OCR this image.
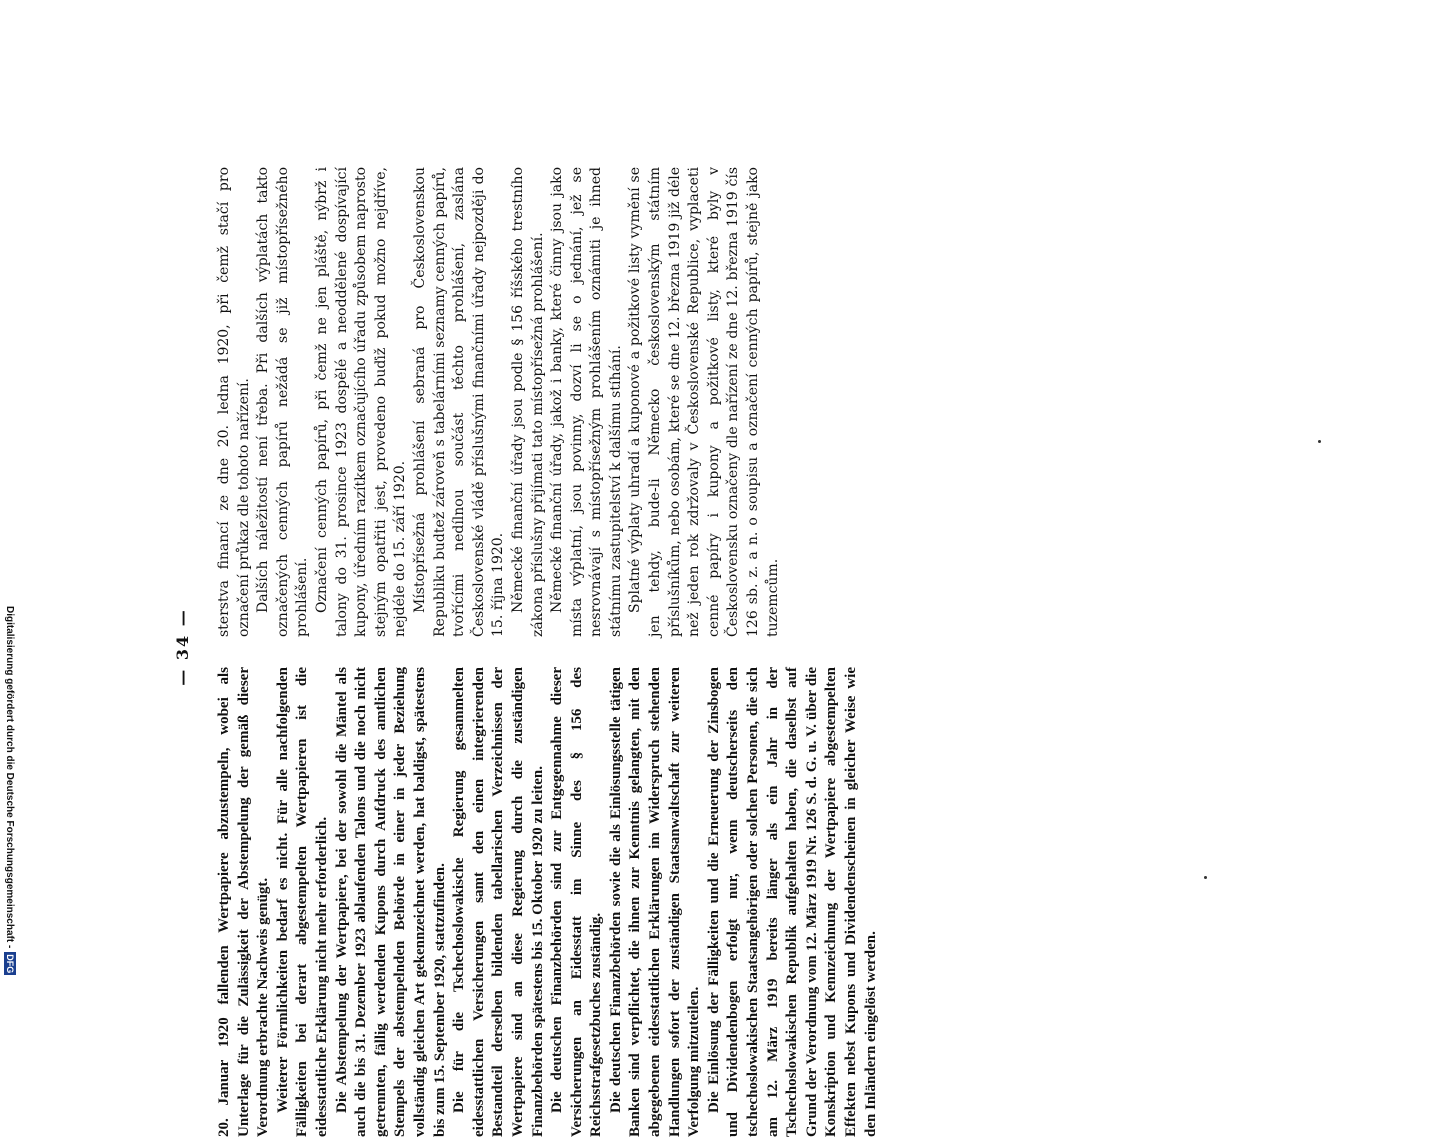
Digitalisierung gefördert durch die Deutsche Forschungsgemeinschaft -DFG
— 34 —

20. Januar 1920 fallenden Wertpapiere abzustempeln, wobei als Unterlage für die Zulässigkeit der Abstempelung der gemäß dieser Verordnung erbrachte Nachweis genügt. Weiterer Förmlichkeiten bedarf es nicht. Für alle nachfolgenden Fälligkeiten bei derart abgestempelten Wertpapieren ist die eidesstattliche Erklärung nicht mehr erforderlich. Die Abstempelung der Wertpapiere, bei der sowohl die Mäntel als auch die bis 31. Dezember 1923 ablaufenden Talons und die noch nicht getrennten, fällig werdenden Kupons durch Aufdruck des amtlichen Stempels der abstempelnden Behörde in einer in jeder Beziehung vollständig gleichen Art gekennzeichnet werden, hat baldigst, spätestens bis zum 15. September 1920, stattzufinden. Die für die Tschechoslowakische Regierung gesammelten eidesstattlichen Versicherungen samt den einen integrierenden Bestandteil derselben bildenden tabellarischen Verzeichnissen der Wertpapiere sind an diese Regierung durch die zuständigen Finanzbehörden spätestens bis 15. Oktober 1920 zu leiten. Die deutschen Finanzbehörden sind zur Entgegennahme dieser Versicherungen an Eidesstatt im Sinne des § 156 des Reichsstrafgesetzbuches zuständig. Die deutschen Finanzbehörden sowie die als Einlösungsstelle tätigen Banken sind verpflichtet, die ihnen zur Kenntnis gelangten, mit den abgegebenen eidesstattlichen Erklärungen im Widerspruch stehenden Handlungen sofort der zuständigen Staatsanwaltschaft zur weiteren Verfolgung mitzuteilen. Die Einlösung der Fälligkeiten und die Erneuerung der Zinsbogen und Dividendenbogen erfolgt nur, wenn deutscherseits den tschechoslowakischen Staatsangehörigen oder solchen Personen, die sich am 12. März 1919 bereits länger als ein Jahr in der Tschechoslowakischen Republik aufgehalten haben, die daselbst auf Grund der Verordnung vom 12. März 1919 Nr. 126 S. d. G. u. V. über die Konskription und Kennzeichnung der Wertpapiere abgestempelten Effekten nebst Kupons und Dividendenscheinen in gleicher Weise wie den Inländern eingelöst werden.

sterstva financí ze dne 20. ledna 1920, při čemž stačí pro označení průkaz dle tohoto nařízení. Dalších náležitostí není třeba. Při dalších výplatách takto označených cenných papírů nežádá se již místopřísežného prohlášení. Označení cenných papírů, při čemž ne jen pláště, nýbrž i talony do 31. prosince 1923 dospělé a neoddělené dospívající kupony, úředním razítkem označujícího úřadu způsobem naprosto stejným opatřiti jest, provedeno buďiž pokud možno nejdříve, nejdéle do 15. září 1920. Místopřísežná prohlášení sebraná pro Československou Republiku budtež zároveň s tabelárními seznamy cenných papírů, tvořícími nedílnou součást těchto prohlášení, zaslána Československé vládě příslušnými finančními úřady nejpozději do 15. října 1920. Německé finanční úřady jsou podle § 156 říšského trestního zákona příslušny přijímati tato místopřísežná prohlášení. Německé finanční úřady, jakož i banky, které činny jsou jako místa výplatní, jsou povinny, dozví li se o jednání, jež se nesrovnávají s místopřísežným prohlášením oznámiti je ihned státnímu zastupitelství k dalšímu stíhání. Splatné výplaty uhradí a kuponové a požitkové listy vymění se jen tehdy, bude-li Německo československým státním příslušníkům, nebo osobám, které se dne 12. března 1919 již déle než jeden rok zdržovaly v Československé Republice, vyplaceti cenné papíry i kupony a požitkové listy, které byly v Československu označeny dle nařízení ze dne 12. března 1919 čís 126 sb. z. a n. o soupisu a označení cenných papírů, stejně jako tuzemcům.
